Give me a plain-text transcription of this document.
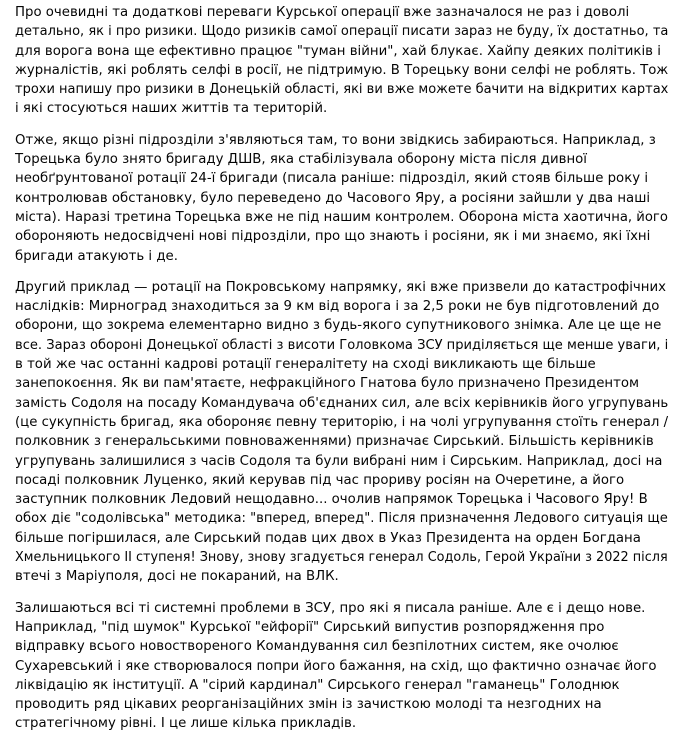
Про очевидні та додаткові переваги Курської операції вже зазначалося не раз і доволі
детально, як і про ризики. Щодо ризиків самої операції писати зараз не буду, їх достатньо, та
для ворога вона ще ефективно працює "туман війни", хай блукає. Хайпу деяких політиків і
журналістів, які роблять селфі в росії, не підтримую. В Торецьку вони селфі не роблять. Тож
трохи напишу про ризики в Донецькій області, які ви вже можете бачити на відкритих картах
і які стосуються наших життів та територій.

Отже, якщо різні підрозділи з'являються там, то вони звідкись забираються. Наприклад, з
Торецька було знято бригаду ДШВ, яка стабілізувала оборону міста після дивної
необґрунтованої ротації 24-ї бригади (писала раніше: підрозділ, який стояв більше року і
контролював обстановку, було переведено до Часового Яру, а росіяни зайшли у два наші
міста). Наразі третина Торецька вже не під нашим контролем. Оборона міста хаотична, його
обороняють недосвідчені нові підрозділи, про що знають і росіяни, як і ми знаємо, які їхні
бригади атакують і де.

Другий приклад — ротації на Покровському напрямку, які вже призвели до катастрофічних
наслідків: Мирноград знаходиться за 9 км від ворога і за 2,5 роки не був підготовлений до
оборони, що зокрема елементарно видно з будь-якого супутникового знімка. Але це ще не
все. Зараз обороні Донецької області з висоти Головкома ЗСУ приділяється ще менше уваги, і
в той же час останні кадрові ротації генералітету на сході викликають ще більше
занепокоєння. Як ви пам'ятаєте, нефракційного Гнатова було призначено Президентом
замість Содоля на посаду Командувача об'єднаних сил, але всіх керівників його угрупувань
(це сукупність бригад, яка обороняє певну територію, і на чолі угрупування стоїть генерал /
полковник з генеральськими повноваженнями) призначає Сирський. Більшість керівників
угрупувань залишилися з часів Содоля та були вибрані ним і Сирським. Наприклад, досі на
посаді полковник Луценко, який керував під час прориву росіян на Очеретине, а його
заступник полковник Ледовий нещодавно... очолив напрямок Торецька і Часового Яру! В
обох діє "содолівська" методика: "вперед, вперед". Після призначення Ледового ситуація ще
більше погіршилася, але Сирський подав цих двох в Указ Президента на орден Богдана
Хмельницького ІІ ступеня! Знову, знову згадується генерал Содоль, Герой України з 2022 після
втечі з Маріуполя, досі не покараний, на ВЛК.

Залишаються всі ті системні проблеми в ЗСУ, про які я писала раніше. Але є і дещо нове.
Наприклад, "під шумок" Курської "ейфорії" Сирський випустив розпорядження про
відправку всього новоствореного Командування сил безпілотних систем, яке очолює
Сухаревський і яке створювалося попри його бажання, на схід, що фактично означає його
ліквідацію як інституції. А "сірий кардинал" Сирського генерал "гаманець" Голоднюк
проводить ряд цікавих реорганізаційних змін із зачисткою молоді та незгодних на
стратегічному рівні. І це лише кілька прикладів.
